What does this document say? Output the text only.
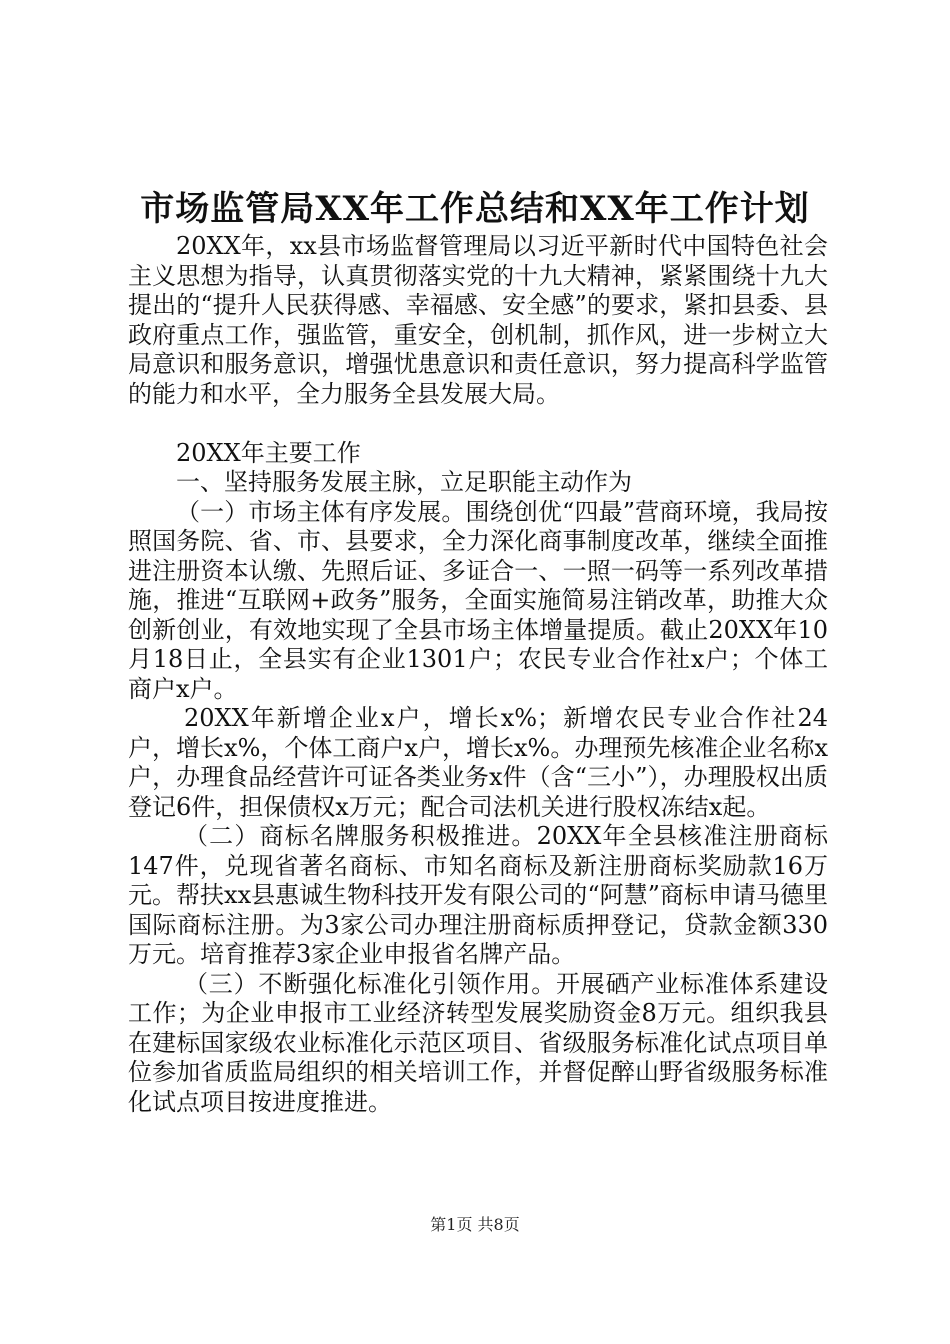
市场监管局XX年工作总结和XX年工作计划

20XX年，xx县市场监督管理局以习近平新时代中国特色社会主义思想为指导，认真贯彻落实党的十九大精神，紧紧围绕十九大提出的“提升人民获得感、幸福感、安全感”的要求，紧扣县委、县政府重点工作，强监管，重安全，创机制，抓作风，进一步树立大局意识和服务意识，增强忧患意识和责任意识，努力提高科学监管的能力和水平，全力服务全县发展大局。

20XX年主要工作

一、坚持服务发展主脉，立足职能主动作为

（一）市场主体有序发展。围绕创优“四最”营商环境，我局按照国务院、省、市、县要求，全力深化商事制度改革，继续全面推进注册资本认缴、先照后证、多证合一、一照一码等一系列改革措施，推进“互联网+政务”服务，全面实施简易注销改革，助推大众创新创业，有效地实现了全县市场主体增量提质。截止20XX年10月18日止，全县实有企业1301户；农民专业合作社x户；个体工商户x户。

20XX年新增企业x户，增长x%；新增农民专业合作社24户，增长x%，个体工商户x户，增长x%。办理预先核准企业名称x户，办理食品经营许可证各类业务x件（含“三小”），办理股权出质登记6件，担保债权x万元；配合司法机关进行股权冻结x起。

（二）商标名牌服务积极推进。20XX年全县核准注册商标147件，兑现省著名商标、市知名商标及新注册商标奖励款16万元。帮扶xx县惠诚生物科技开发有限公司的“阿慧”商标申请马德里国际商标注册。为3家公司办理注册商标质押登记，贷款金额330万元。培育推荐3家企业申报省名牌产品。

（三）不断强化标准化引领作用。开展硒产业标准体系建设工作；为企业申报市工业经济转型发展奖励资金8万元。组织我县在建标国家级农业标准化示范区项目、省级服务标准化试点项目单位参加省质监局组织的相关培训工作，并督促醉山野省级服务标准化试点项目按进度推进。

第1页 共8页
